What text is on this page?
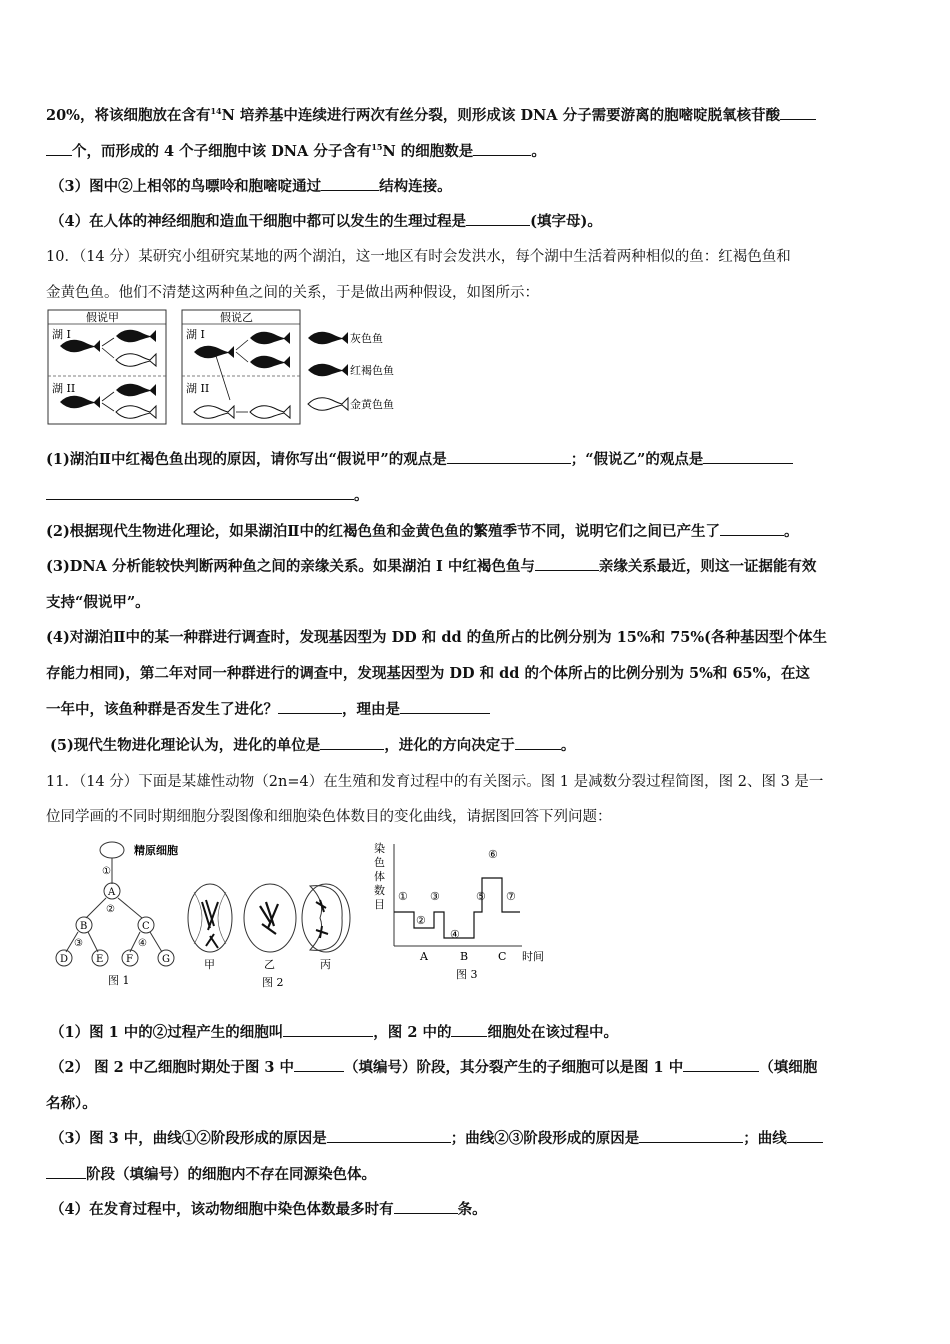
20%，将该细胞放在含有$^{14}$N 培养基中连续进行两次有丝分裂，则形成该 DNA 分子需要游离的胞嘧啶脱氧核苷酸
个，而形成的 4 个子细胞中该 DNA 分子含有$^{15}$N 的细胞数是	。
（3）图中②上相邻的鸟嘌呤和胞嘧啶通过	结构连接。
（4）在人体的神经细胞和造血干细胞中都可以发生的生理过程是	(填字母)。
10．（14 分）某研究小组研究某地的两个湖泊，这一地区有时会发洪水，每个湖中生活着两种相似的鱼：红褐色鱼和
金黄色鱼。他们不清楚这两种鱼之间的关系，于是做出两种假设，如图所示：
假说甲
湖 I
湖 II
假说乙
湖 I
湖 II
灰色鱼
红褐色鱼
金黄色鱼
(1)湖泊Ⅱ中红褐色鱼出现的原因，请你写出“假说甲”的观点是	；“假说乙”的观点是
。
(2)根据现代生物进化理论，如果湖泊Ⅱ中的红褐色鱼和金黄色鱼的繁殖季节不同，说明它们之间已产生了	。
(3)DNA 分析能较快判断两种鱼之间的亲缘关系。如果湖泊 I 中红褐色鱼与	亲缘关系最近，则这一证据能有效
支持“假说甲”。
(4)对湖泊Ⅱ中的某一种群进行调查时，发现基因型为 DD 和 dd 的鱼所占的比例分别为 15%和 75%(各种基因型个体生
存能力相同)，第二年对同一种群进行的调查中，发现基因型为 DD 和 dd 的个体所占的比例分别为 5%和 65%，在这
一年中，该鱼种群是否发生了进化？	，理由是
(5)现代生物进化理论认为，进化的单位是	，进化的方向决定于	。
11．（14 分）下面是某雄性动物（2n=4）在生殖和发育过程中的有关图示。图 1 是减数分裂过程简图，图 2、图 3 是一
位同学画的不同时期细胞分裂图像和细胞染色体数目的变化曲线，请据图回答下列问题：
精原细胞
①
A
②
B	C
③	④
D	E F	G
图 1
甲	乙	丙
图 2
染
色
体
数
目
①
②
③
④
⑤
⑥
⑦
A	B	C 时间
图 3
（1）图 1 中的②过程产生的细胞叫	，图 2 中的 细胞处在该过程中。
（2） 图 2 中乙细胞时期处于图 3 中	（填编号）阶段，其分裂产生的子细胞可以是图 1 中	（填细胞
名称）。
（3）图 3 中，曲线①②阶段形成的原因是	；曲线②③阶段形成的原因是	；曲线
阶段（填编号）的细胞内不存在同源染色体。
（4）在发育过程中，该动物细胞中染色体数最多时有	条。
